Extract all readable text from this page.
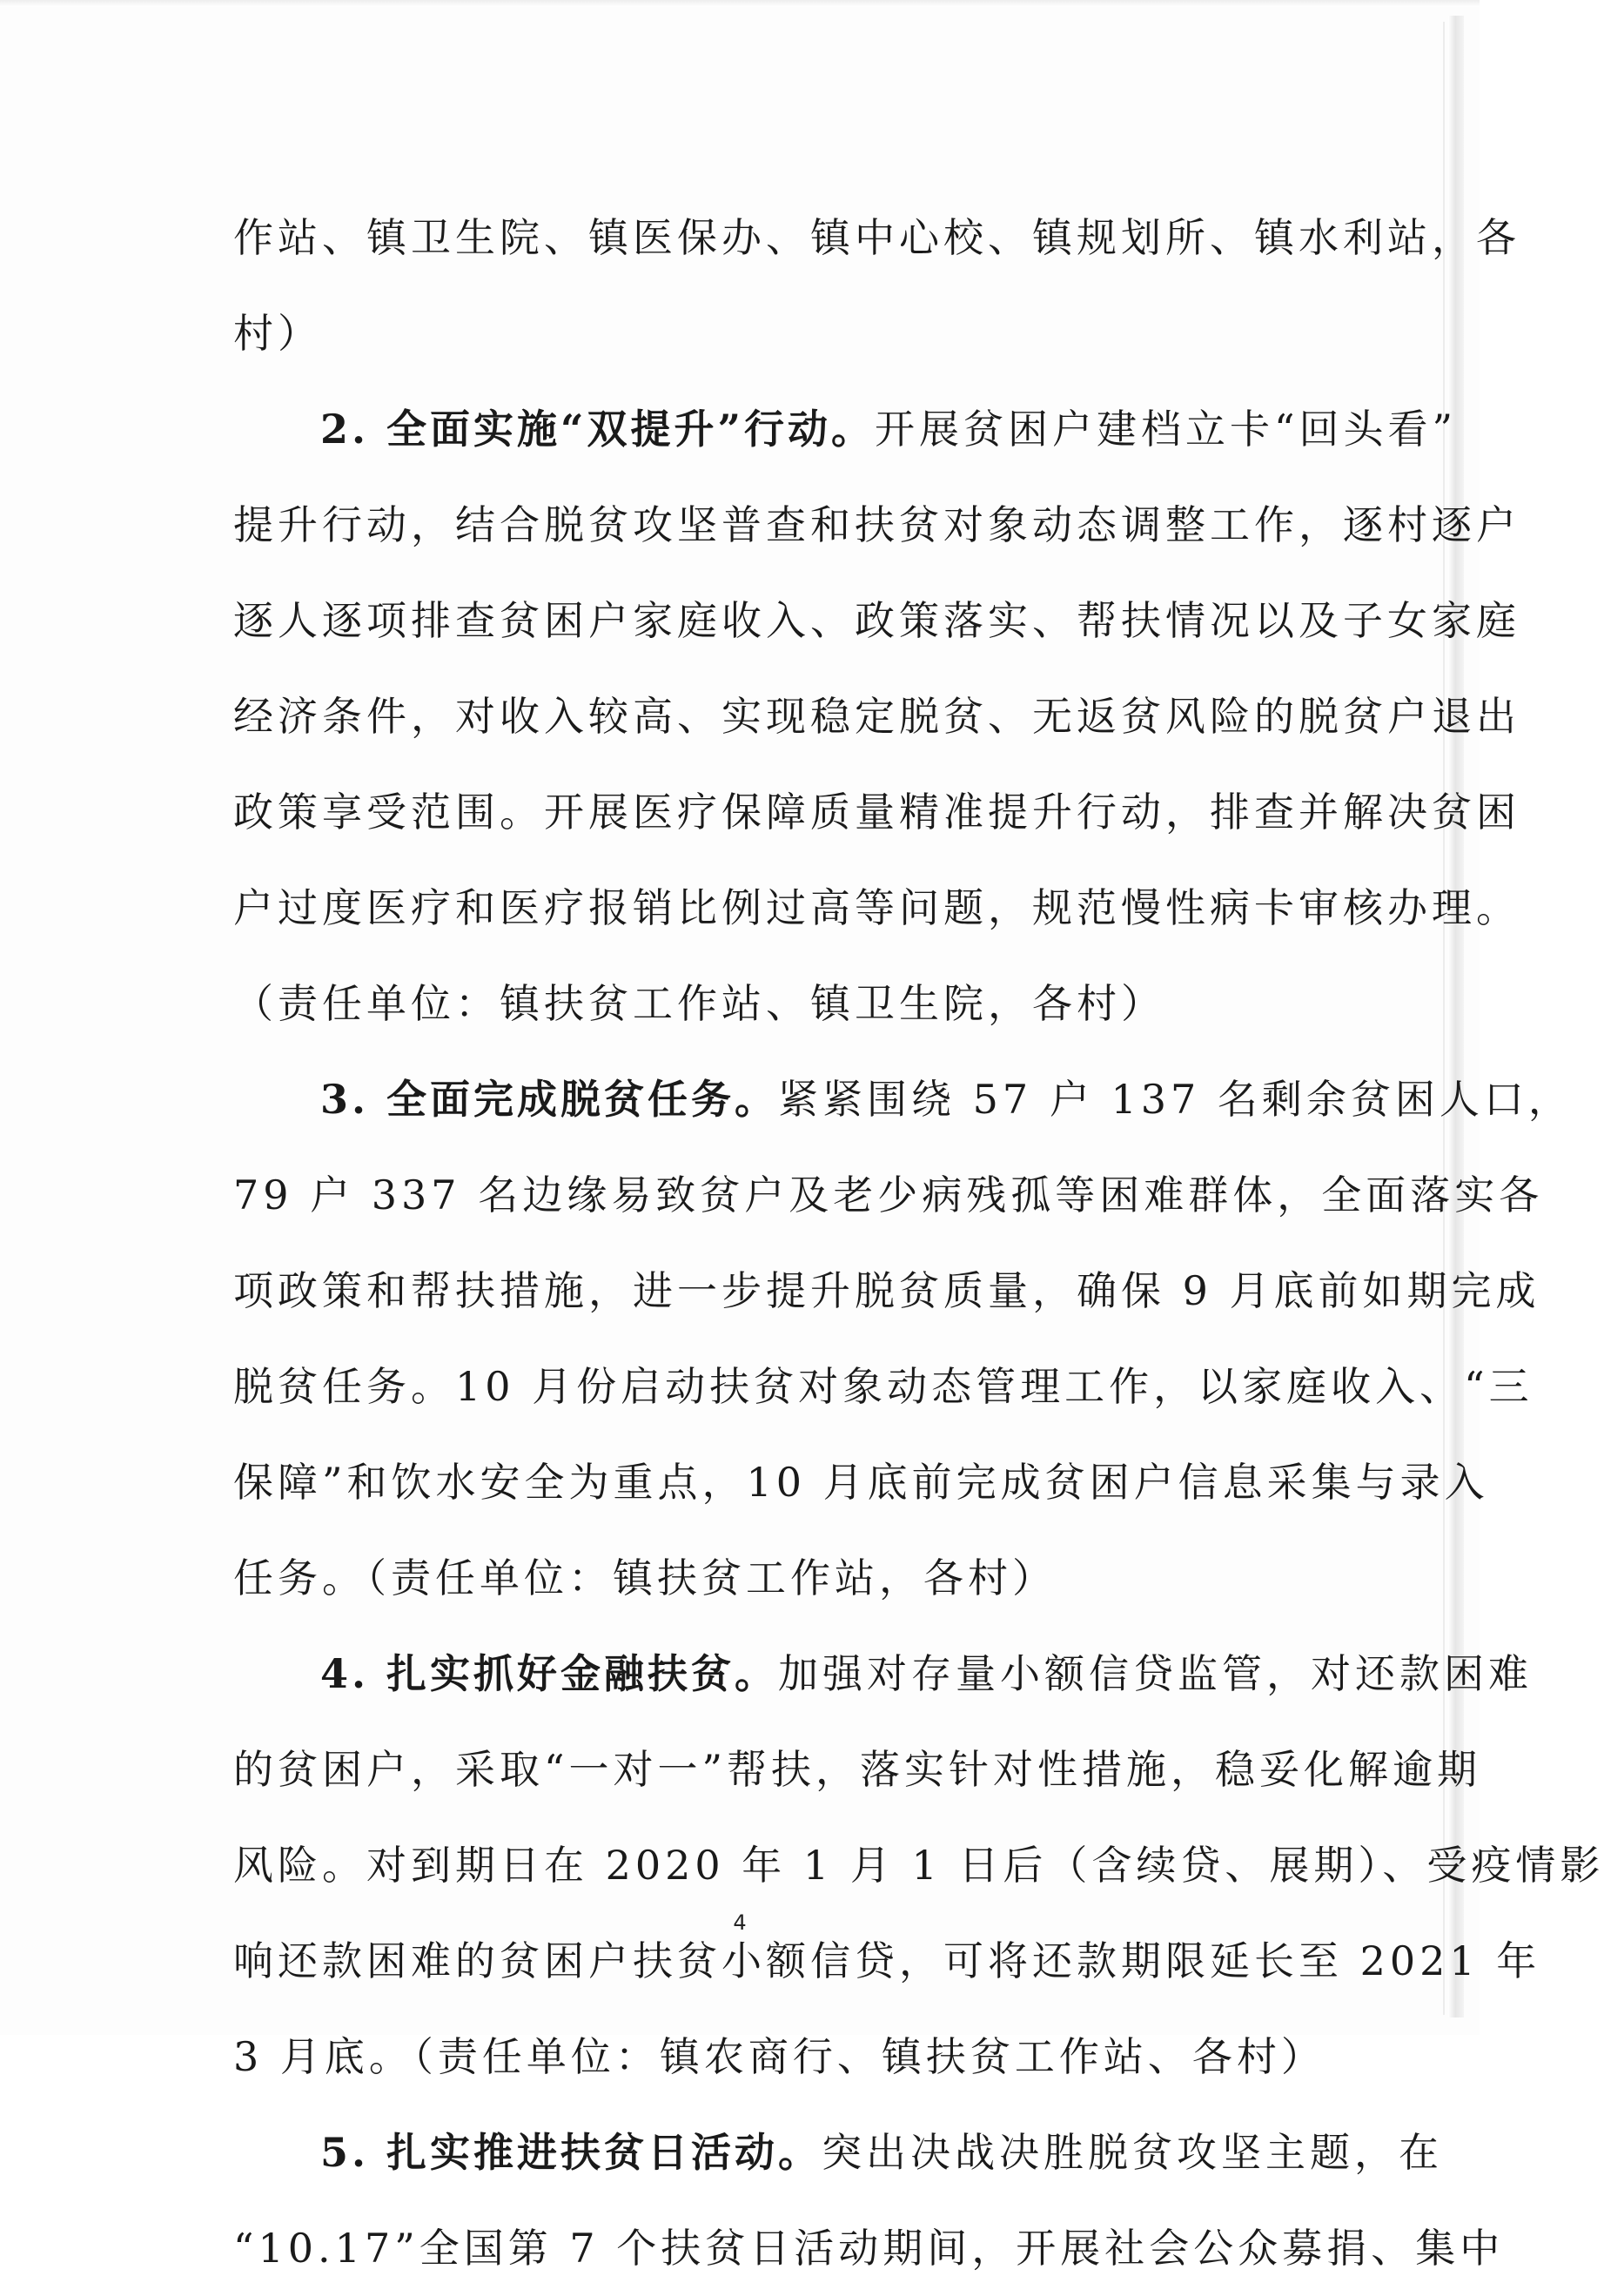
作站、镇卫生院、镇医保办、镇中心校、镇规划所、镇水利站，各
村）
2. 全面实施“双提升”行动。开展贫困户建档立卡“回头看”
提升行动，结合脱贫攻坚普查和扶贫对象动态调整工作，逐村逐户
逐人逐项排查贫困户家庭收入、政策落实、帮扶情况以及子女家庭
经济条件，对收入较高、实现稳定脱贫、无返贫风险的脱贫户退出
政策享受范围。开展医疗保障质量精准提升行动，排查并解决贫困
户过度医疗和医疗报销比例过高等问题，规范慢性病卡审核办理。
（责任单位：镇扶贫工作站、镇卫生院，各村）
3. 全面完成脱贫任务。紧紧围绕 57 户 137 名剩余贫困人口，
79 户 337 名边缘易致贫户及老少病残孤等困难群体，全面落实各
项政策和帮扶措施，进一步提升脱贫质量，确保 9 月底前如期完成
脱贫任务。10 月份启动扶贫对象动态管理工作，以家庭收入、“三
保障”和饮水安全为重点，10 月底前完成贫困户信息采集与录入
任务。（责任单位：镇扶贫工作站，各村）
4. 扎实抓好金融扶贫。加强对存量小额信贷监管，对还款困难
的贫困户，采取“一对一”帮扶，落实针对性措施，稳妥化解逾期
风险。对到期日在 2020 年 1 月 1 日后（含续贷、展期）、受疫情影
响还款困难的贫困户扶贫小额信贷，可将还款期限延长至 2021 年
3 月底。（责任单位：镇农商行、镇扶贫工作站、各村）
5. 扎实推进扶贫日活动。突出决战决胜脱贫攻坚主题，在
“10.17”全国第 7 个扶贫日活动期间，开展社会公众募捐、集中
4
